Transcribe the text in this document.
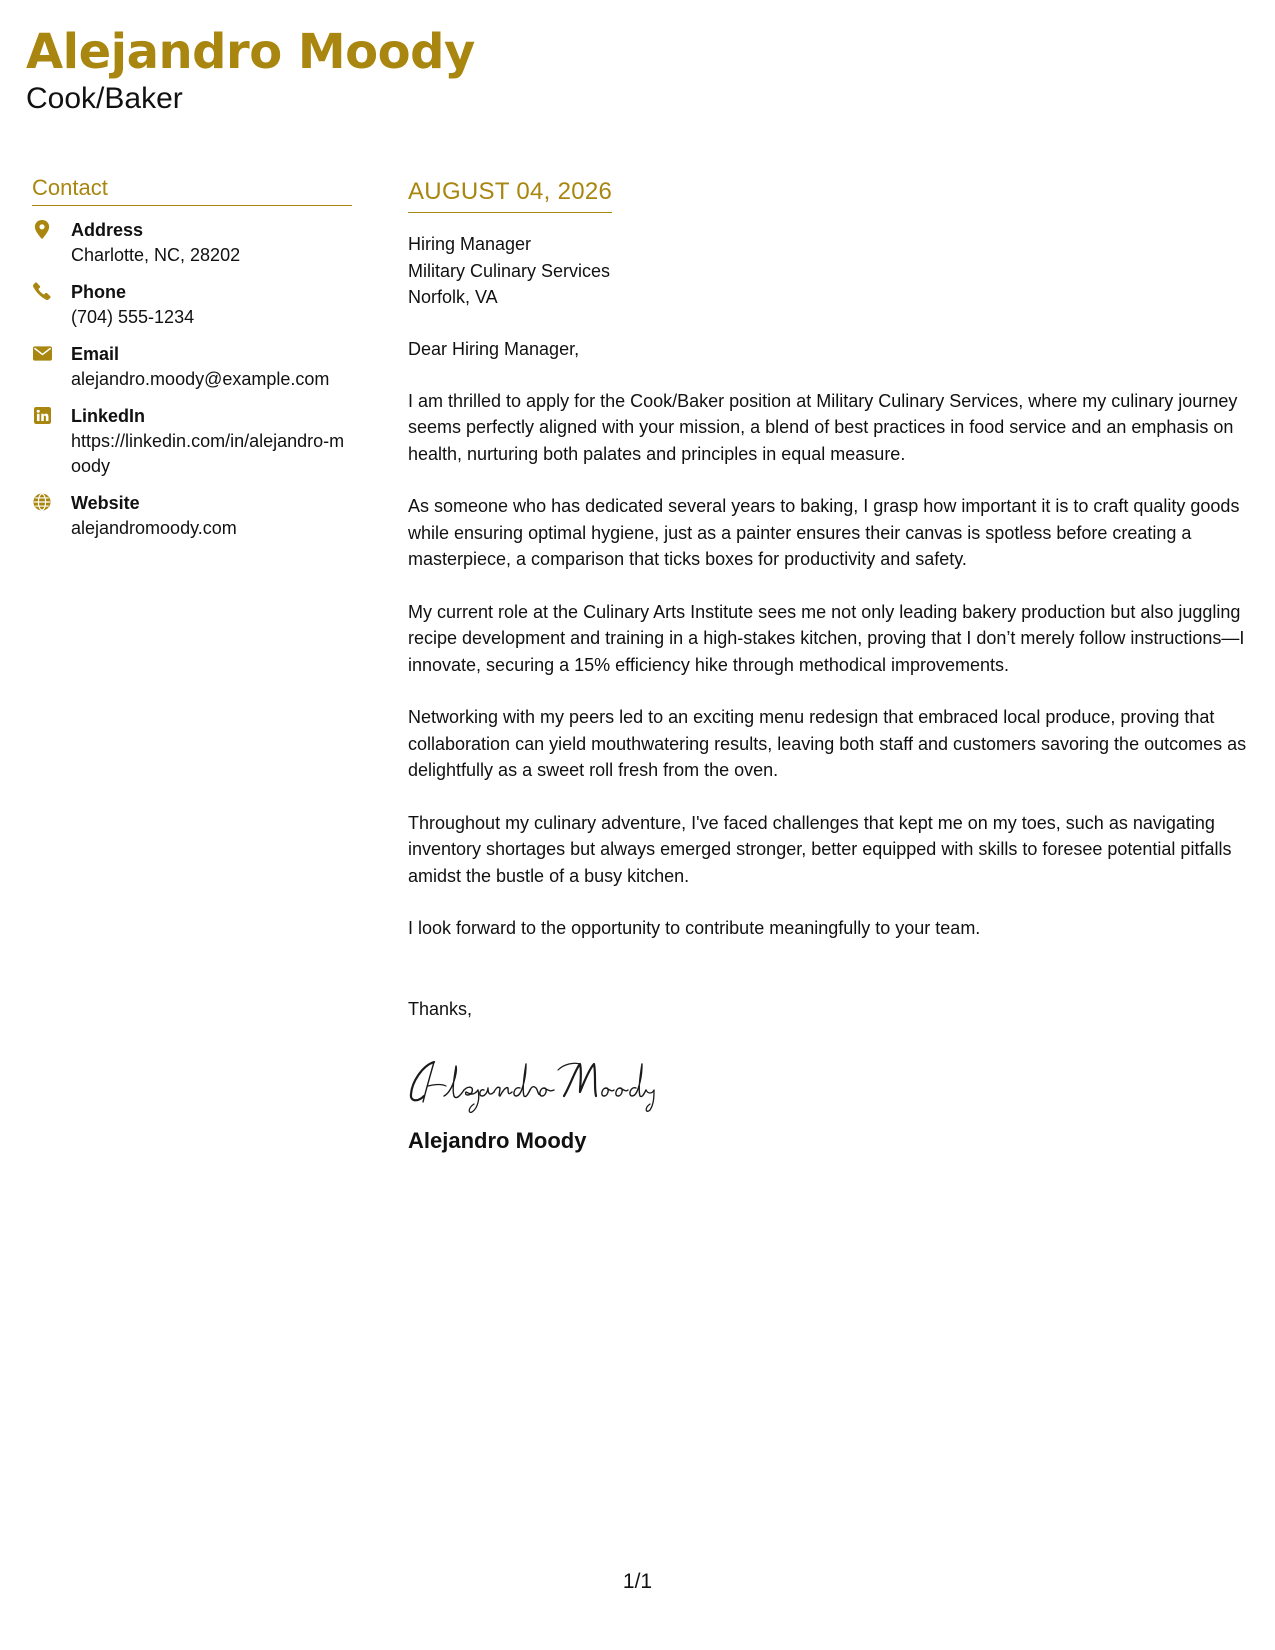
Alejandro Moody
Cook/Baker
Contact
Address
Charlotte, NC, 28202
Phone
(704) 555-1234
Email
alejandro.moody@example.com
LinkedIn
https://linkedin.com/in/alejandro-moody
Website
alejandromoody.com
AUGUST 04, 2026
Hiring Manager
Military Culinary Services
Norfolk, VA
Dear Hiring Manager,
I am thrilled to apply for the Cook/Baker position at Military Culinary Services, where my culinary journey seems perfectly aligned with your mission, a blend of best practices in food service and an emphasis on health, nurturing both palates and principles in equal measure.
As someone who has dedicated several years to baking, I grasp how important it is to craft quality goods while ensuring optimal hygiene, just as a painter ensures their canvas is spotless before creating a masterpiece, a comparison that ticks boxes for productivity and safety.
My current role at the Culinary Arts Institute sees me not only leading bakery production but also juggling recipe development and training in a high-stakes kitchen, proving that I don’t merely follow instructions—I innovate, securing a 15% efficiency hike through methodical improvements.
Networking with my peers led to an exciting menu redesign that embraced local produce, proving that collaboration can yield mouthwatering results, leaving both staff and customers savoring the outcomes as delightfully as a sweet roll fresh from the oven.
Throughout my culinary adventure, I've faced challenges that kept me on my toes, such as navigating inventory shortages but always emerged stronger, better equipped with skills to foresee potential pitfalls amidst the bustle of a busy kitchen.
I look forward to the opportunity to contribute meaningfully to your team.
Thanks,
Alejandro Moody
1/1
